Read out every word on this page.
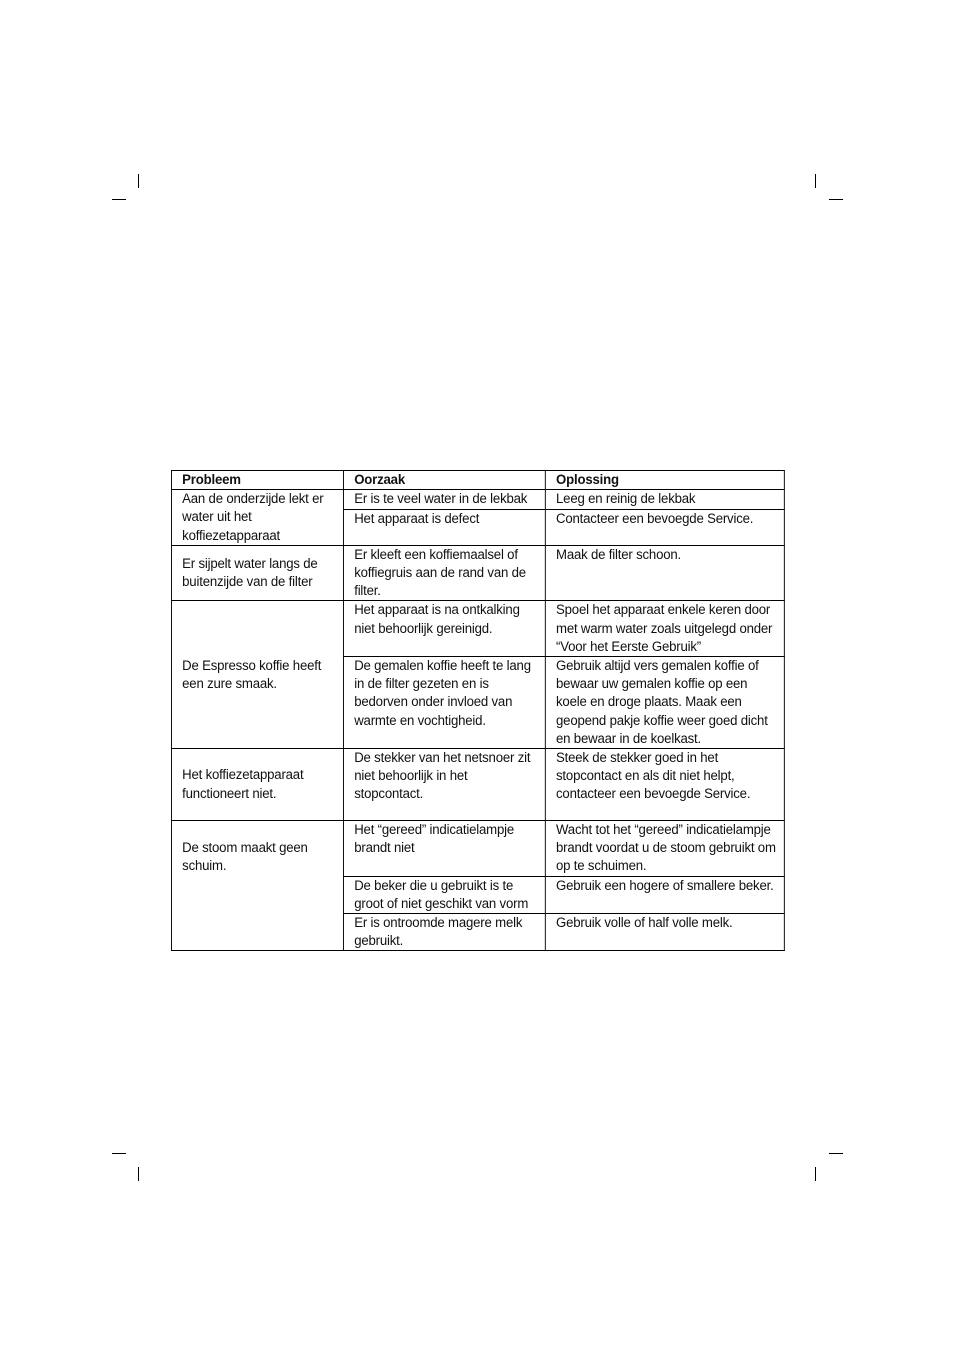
Probleem	Oorzaak	Oplossing
Aan de onderzijde lekt er water uit het koffiezetapparaat	Er is te veel water in de lekbak	Leeg en reinig de lekbak
	Het apparaat is defect	Contacteer een bevoegde Service.
Er sijpelt water langs de buitenzijde van de filter	Er kleeft een koffiemaalsel of koffiegruis aan de rand van de filter.	Maak de filter schoon.
De Espresso koffie heeft een zure smaak.	Het apparaat is na ontkalking niet behoorlijk gereinigd.	Spoel het apparaat enkele keren door met warm water zoals uitgelegd onder “Voor het Eerste Gebruik”
	De gemalen koffie heeft te lang in de filter gezeten en is bedorven onder invloed van warmte en vochtigheid.	Gebruik altijd vers gemalen koffie of bewaar uw gemalen koffie op een koele en droge plaats. Maak een geopend pakje koffie weer goed dicht en bewaar in de koelkast.
Het koffiezetapparaat functioneert niet.	De stekker van het netsnoer zit niet behoorlijk in het stopcontact.	Steek de stekker goed in het stopcontact en als dit niet helpt, contacteer een bevoegde Service.
De stoom maakt geen schuim.	Het “gereed” indicatielampje brandt niet	Wacht tot het “gereed” indicatielampje brandt voordat u de stoom gebruikt om op te schuimen.
	De beker die u gebruikt is te groot of niet geschikt van vorm	Gebruik een hogere of smallere beker.
	Er is ontroomde magere melk gebruikt.	Gebruik volle of half volle melk.
